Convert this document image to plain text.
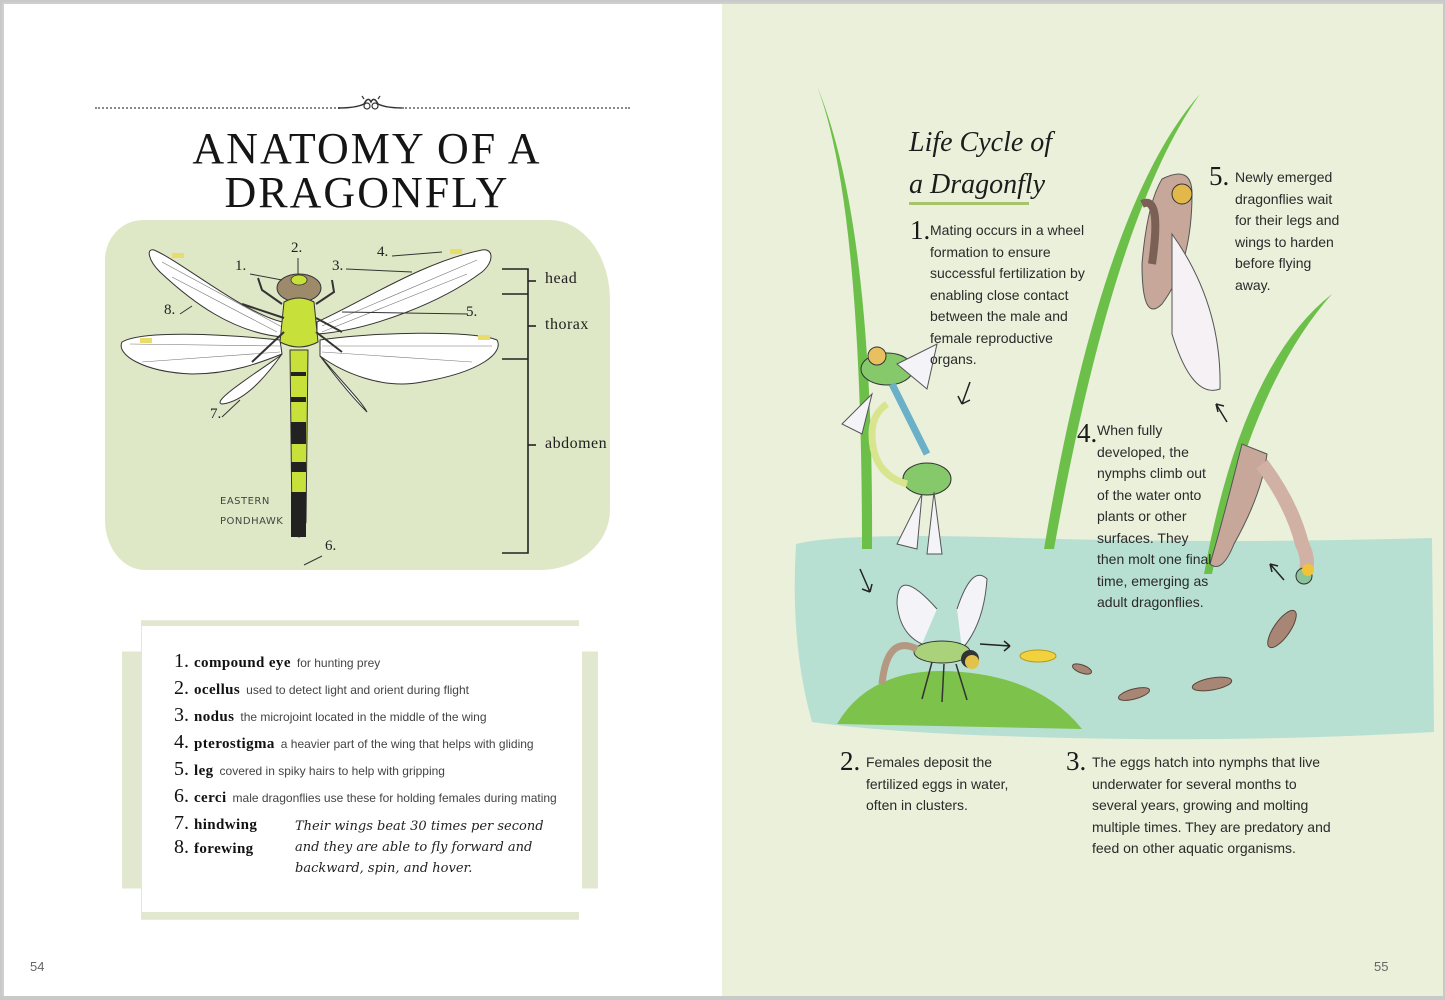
ANATOMY OF A
DRAGONFLY
1.
2.
3.
4.
5.
6.
7.
8.
head
thorax
abdomen
EASTERN
PONDHAWK
1. compound eye for hunting prey
2. ocellus used to detect light and orient during flight
3. nodus the microjoint located in the middle of the wing
4. pterostigma a heavier part of the wing that helps with gliding
5. leg covered in spiky hairs to help with gripping
6. cerci male dragonflies use these for holding females during mating
7. hindwing
8. forewing

Their wings beat 30 times per second and they are able to fly forward and backward, spin, and hover.

54
Life Cycle of
a Dragonfly
1. Mating occurs in a wheel formation to ensure successful fertilization by enabling close contact between the male and female reproductive organs.
2. Females deposit the fertilized eggs in water, often in clusters.
3. The eggs hatch into nymphs that live underwater for several months to several years, growing and molting multiple times. They are predatory and feed on other aquatic organisms.
4. When fully developed, the nymphs climb out of the water onto plants or other surfaces. They then molt one final time, emerging as adult dragonflies.
5. Newly emerged dragonflies wait for their legs and wings to harden before flying away.
55
